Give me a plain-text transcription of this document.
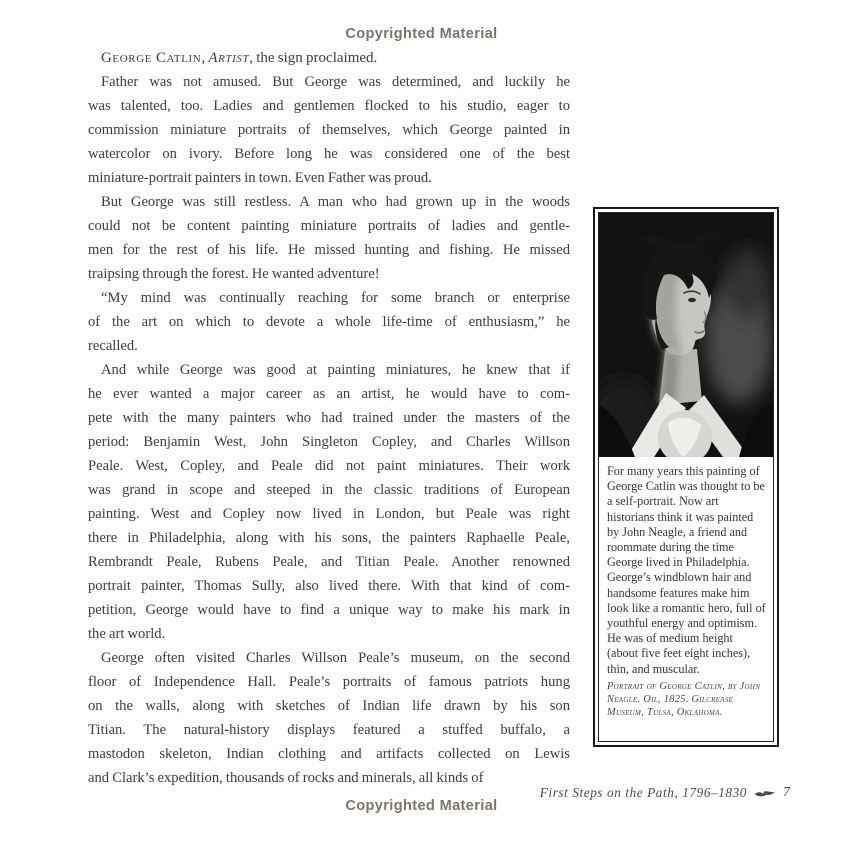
Copyrighted Material
George Catlin, Artist, the sign proclaimed.
Father was not amused. But George was determined, and luckily he
was talented, too. Ladies and gentlemen flocked to his studio, eager to
commission miniature portraits of themselves, which George painted in
watercolor on ivory. Before long he was considered one of the best
miniature-portrait painters in town. Even Father was proud.
But George was still restless. A man who had grown up in the woods
could not be content painting miniature portraits of ladies and gentle-
men for the rest of his life. He missed hunting and fishing. He missed
traipsing through the forest. He wanted adventure!
“My mind was continually reaching for some branch or enterprise
of the art on which to devote a whole life-time of enthusiasm,” he
recalled.
And while George was good at painting miniatures, he knew that if
he ever wanted a major career as an artist, he would have to com-
pete with the many painters who had trained under the masters of the
period: Benjamin West, John Singleton Copley, and Charles Willson
Peale. West, Copley, and Peale did not paint miniatures. Their work
was grand in scope and steeped in the classic traditions of European
painting. West and Copley now lived in London, but Peale was right
there in Philadelphia, along with his sons, the painters Raphaelle Peale,
Rembrandt Peale, Rubens Peale, and Titian Peale. Another renowned
portrait painter, Thomas Sully, also lived there. With that kind of com-
petition, George would have to find a unique way to make his mark in
the art world.
George often visited Charles Willson Peale’s museum, on the second
floor of Independence Hall. Peale’s portraits of famous patriots hung
on the walls, along with sketches of Indian life drawn by his son
Titian. The natural-history displays featured a stuffed buffalo, a
mastodon skeleton, Indian clothing and artifacts collected on Lewis
and Clark’s expedition, thousands of rocks and minerals, all kinds of
For many years this painting of George Catlin was thought to be a self-portrait. Now art historians think it was painted by John Neagle, a friend and roommate during the time George lived in Philadelphia. George’s windblown hair and handsome features make him look like a romantic hero, full of youthful energy and optimism. He was of medium height (about five feet eight inches), thin, and muscular.
Portrait of George Catlin, by John Neagle. Oil, 1825. Gilcrease Museum, Tulsa, Oklahoma.
First Steps on the Path, 1796–1830	7
Copyrighted Material
